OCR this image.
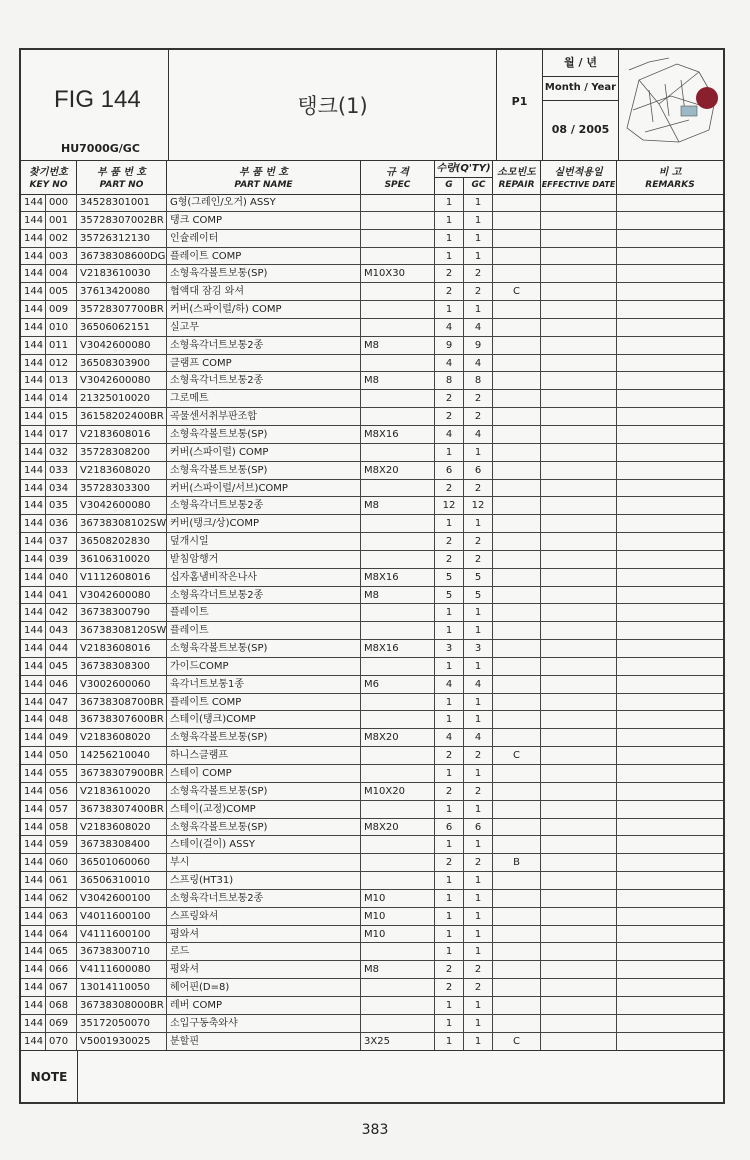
FIG 144
HU7000G/GC
탱크(1)	P1
월 / 년
Month / Year
08 / 2005
찾기번호
KEY NO
부 품 번 호
PART NO
부 품 번 호
PART NAME
규 격
SPEC
수량(Q'TY)
G	GC
소모빈도
REPAIR
실번적용일
EFFECTIVE DATE
비 고
REMARKS
144 000	34528301001	G형(그레인/오거) ASSY	1	1
144 001	35728307002BR 탱크 COMP	1	1
144 002	35726312130	인슐레이터	1	1
144 003	36738308600DG 플레이트 COMP	1	1
144 004	V2183610030	소형육각볼트보통(SP)	M10X30	2	2
144 005	37613420080	협액대 잠김 와셔	2	2	C
144 009	35728307700BR 커버(스파이럴/하) COMP	1	1
144 010	36506062151	실고무	4	4
144 011	V3042600080	소형육각너트보통2종	M8	9	9
144 012	36508303900	클램프 COMP	4	4
144 013	V3042600080	소형육각너트보통2종	M8	8	8
144 014	21325010020	그로메트	2	2
144 015	36158202400BR 곡물센서취부판조합	2	2
144 017	V2183608016	소형육각볼트보통(SP)	M8X16	4	4
144 032	35728308200	커버(스파이럴) COMP	1	1
144 033	V2183608020	소형육각볼트보통(SP)	M8X20	6	6
144 034	35728303300	커버(스파이럴/서브)COMP	2	2
144 035	V3042600080	소형육각너트보통2종	M8	12	12
144 036	36738308102SW 커버(탱크/상)COMP	1	1
144 037	36508202830	덮개시일	2	2
144 039	36106310020	받침암행거	2	2
144 040	V1112608016	십자홈냄비작은나사	M8X16	5	5
144 041	V3042600080	소형육각너트보통2종	M8	5	5
144 042	36738300790	플레이트	1	1
144 043	36738308120SW 플레이트	1	1
144 044	V2183608016	소형육각볼트보통(SP)	M8X16	3	3
144 045	36738308300	가이드COMP	1	1
144 046	V3002600060	육각너트보통1종	M6	4	4
144 047	36738308700BR 플레이트 COMP	1	1
144 048	36738307600BR 스테이(탱크)COMP	1	1
144 049	V2183608020	소형육각볼트보통(SP)	M8X20	4	4
144 050	14256210040	하니스클램프	2	2	C
144 055	36738307900BR 스테이 COMP	1	1
144 056	V2183610020	소형육각볼트보통(SP)	M10X20	2	2
144 057	36738307400BR 스테이(고정)COMP	1	1
144 058	V2183608020	소형육각볼트보통(SP)	M8X20	6	6
144 059	36738308400	스테이(걸이) ASSY	1	1
144 060	36501060060	부시	2	2	B
144 061	36506310010	스프링(HT31)	1	1
144 062	V3042600100	소형육각너트보통2종	M10	1	1
144 063	V4011600100	스프링와셔	M10	1	1
144 064	V4111600100	평와셔	M10	1	1
144 065	36738300710	로드	1	1
144 066	V4111600080	평와셔	M8	2	2
144 067	13014110050	헤어핀(D=8)	2	2
144 068	36738308000BR 레버 COMP	1	1
144 069	35172050070	소입구동축와샤	1	1
144 070	V5001930025	분할핀	3X25	1	1	C
NOTE
383
